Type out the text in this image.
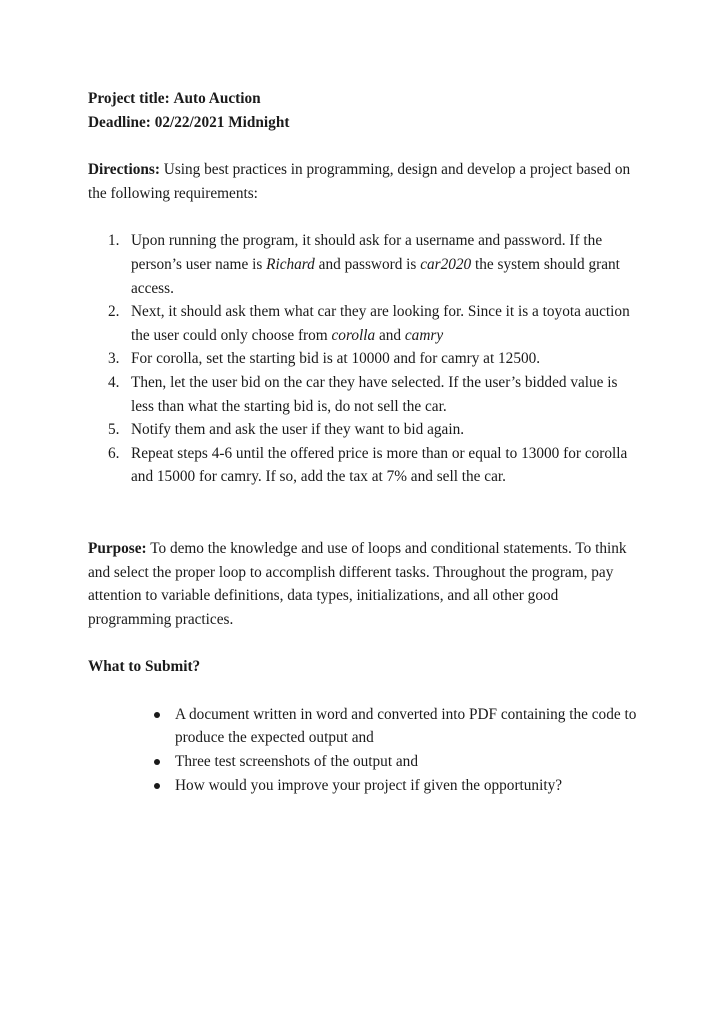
Project title: Auto Auction

Deadline: 02/22/2021 Midnight

Directions: Using best practices in programming, design and develop a project based on the following requirements:

1. Upon running the program, it should ask for a username and password. If the person’s user name is Richard and password is car2020 the system should grant access.
2. Next, it should ask them what car they are looking for. Since it is a toyota auction the user could only choose from corolla and camry
3. For corolla, set the starting bid is at 10000 and for camry at 12500.
4. Then, let the user bid on the car they have selected. If the user’s bidded value is less than what the starting bid is, do not sell the car.
5. Notify them and ask the user if they want to bid again.
6. Repeat steps 4-6 until the offered price is more than or equal to 13000 for corolla and 15000 for camry. If so, add the tax at 7% and sell the car.

Purpose: To demo the knowledge and use of loops and conditional statements. To think and select the proper loop to accomplish different tasks. Throughout the program, pay attention to variable definitions, data types, initializations, and all other good programming practices.

What to Submit?

A document written in word and converted into PDF containing the code to produce the expected output and
Three test screenshots of the output and
How would you improve your project if given the opportunity?
